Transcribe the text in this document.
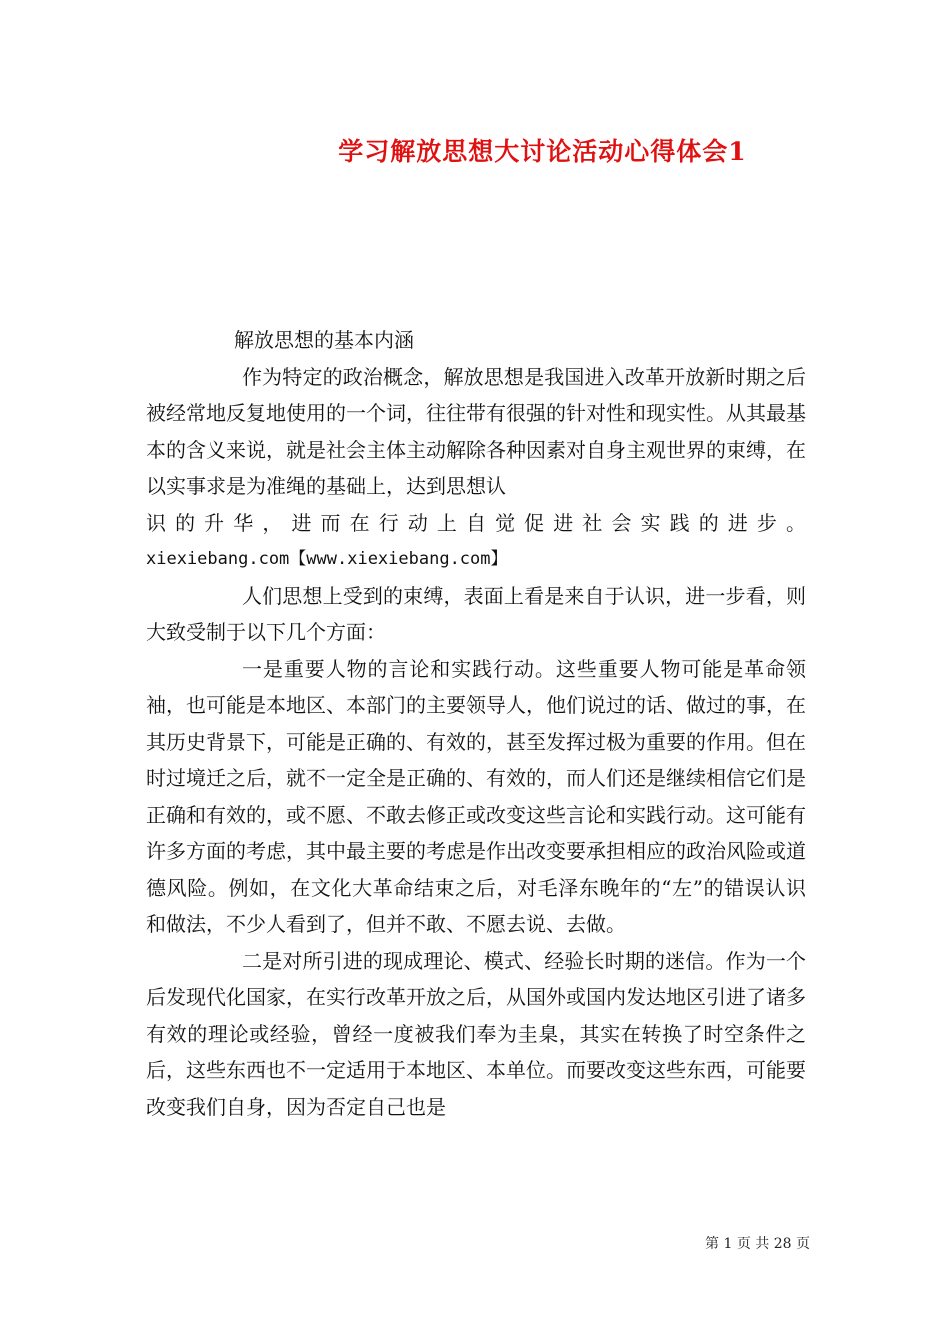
学习解放思想大讨论活动心得体会1

解放思想的基本内涵

作为特定的政治概念，解放思想是我国进入改革开放新时期之后被经常地反复地使用的一个词，往往带有很强的针对性和现实性。从其最基本的含义来说，就是社会主体主动解除各种因素对自身主观世界的束缚，在以实事求是为准绳的基础上，达到思想认

识的升华，进而在行动上自觉促进社会实践的进步。

xiexiebang.com【www.xiexiebang.com】

人们思想上受到的束缚，表面上看是来自于认识，进一步看，则大致受制于以下几个方面：

一是重要人物的言论和实践行动。这些重要人物可能是革命领袖，也可能是本地区、本部门的主要领导人，他们说过的话、做过的事，在其历史背景下，可能是正确的、有效的，甚至发挥过极为重要的作用。但在时过境迁之后，就不一定全是正确的、有效的，而人们还是继续相信它们是正确和有效的，或不愿、不敢去修正或改变这些言论和实践行动。这可能有许多方面的考虑，其中最主要的考虑是作出改变要承担相应的政治风险或道德风险。例如，在文化大革命结束之后，对毛泽东晚年的“左”的错误认识和做法，不少人看到了，但并不敢、不愿去说、去做。

二是对所引进的现成理论、模式、经验长时期的迷信。作为一个后发现代化国家，在实行改革开放之后，从国外或国内发达地区引进了诸多有效的理论或经验，曾经一度被我们奉为圭臬，其实在转换了时空条件之后，这些东西也不一定适用于本地区、本单位。而要改变这些东西，可能要改变我们自身，因为否定自己也是

第 1 页 共 28 页
